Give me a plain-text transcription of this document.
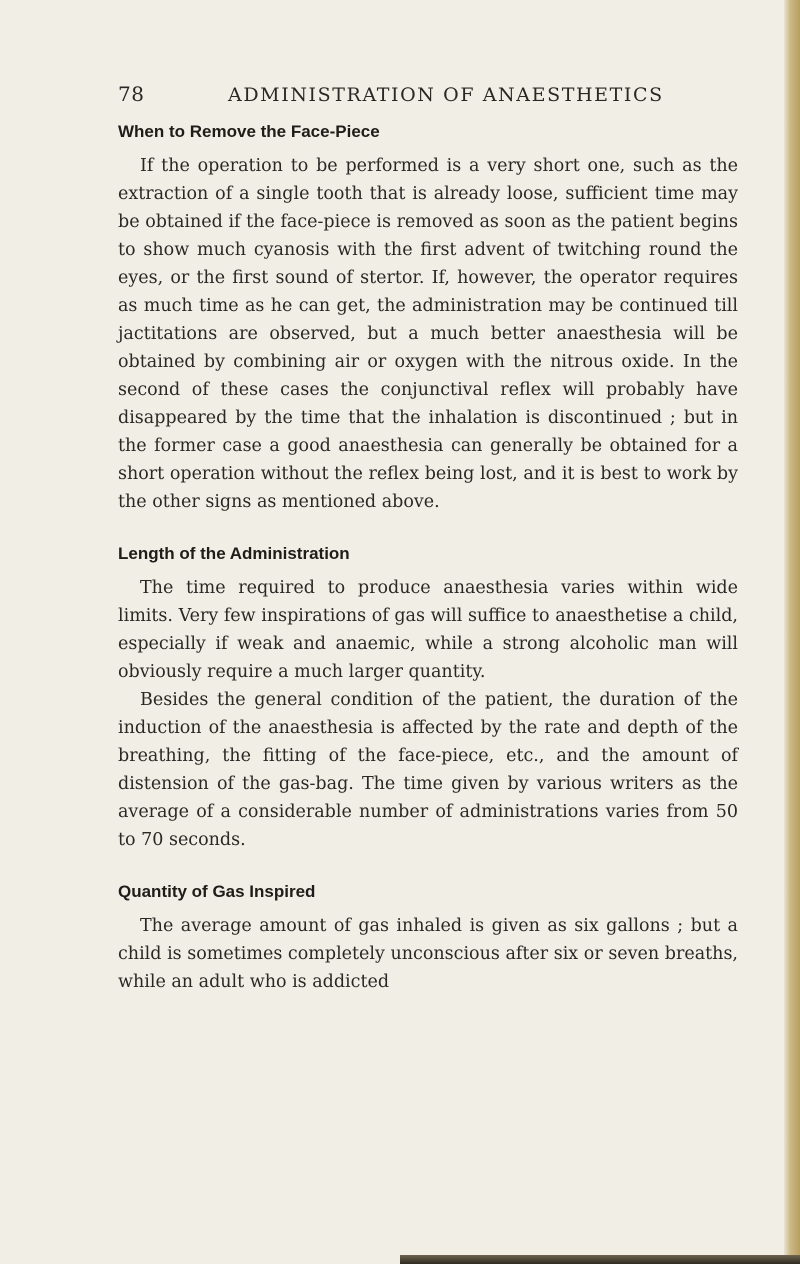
78	ADMINISTRATION OF ANAESTHETICS
When to Remove the Face-Piece

If the operation to be performed is a very short one, such as the extraction of a single tooth that is already loose, sufficient time may be obtained if the face-piece is removed as soon as the patient begins to show much cyanosis with the first advent of twitching round the eyes, or the first sound of stertor. If, however, the operator requires as much time as he can get, the administration may be continued till jactitations are observed, but a much better anaesthesia will be obtained by combining air or oxygen with the nitrous oxide. In the second of these cases the conjunctival reflex will probably have disappeared by the time that the inhalation is discontinued ; but in the former case a good anaesthesia can generally be obtained for a short operation without the reflex being lost, and it is best to work by the other signs as mentioned above.

Length of the Administration

The time required to produce anaesthesia varies within wide limits. Very few inspirations of gas will suffice to anaesthetise a child, especially if weak and anaemic, while a strong alcoholic man will obviously require a much larger quantity.

Besides the general condition of the patient, the duration of the induction of the anaesthesia is affected by the rate and depth of the breathing, the fitting of the face-piece, etc., and the amount of distension of the gas-bag. The time given by various writers as the average of a considerable number of administrations varies from 50 to 70 seconds.

Quantity of Gas Inspired

The average amount of gas inhaled is given as six gallons ; but a child is sometimes completely unconscious after six or seven breaths, while an adult who is addicted
